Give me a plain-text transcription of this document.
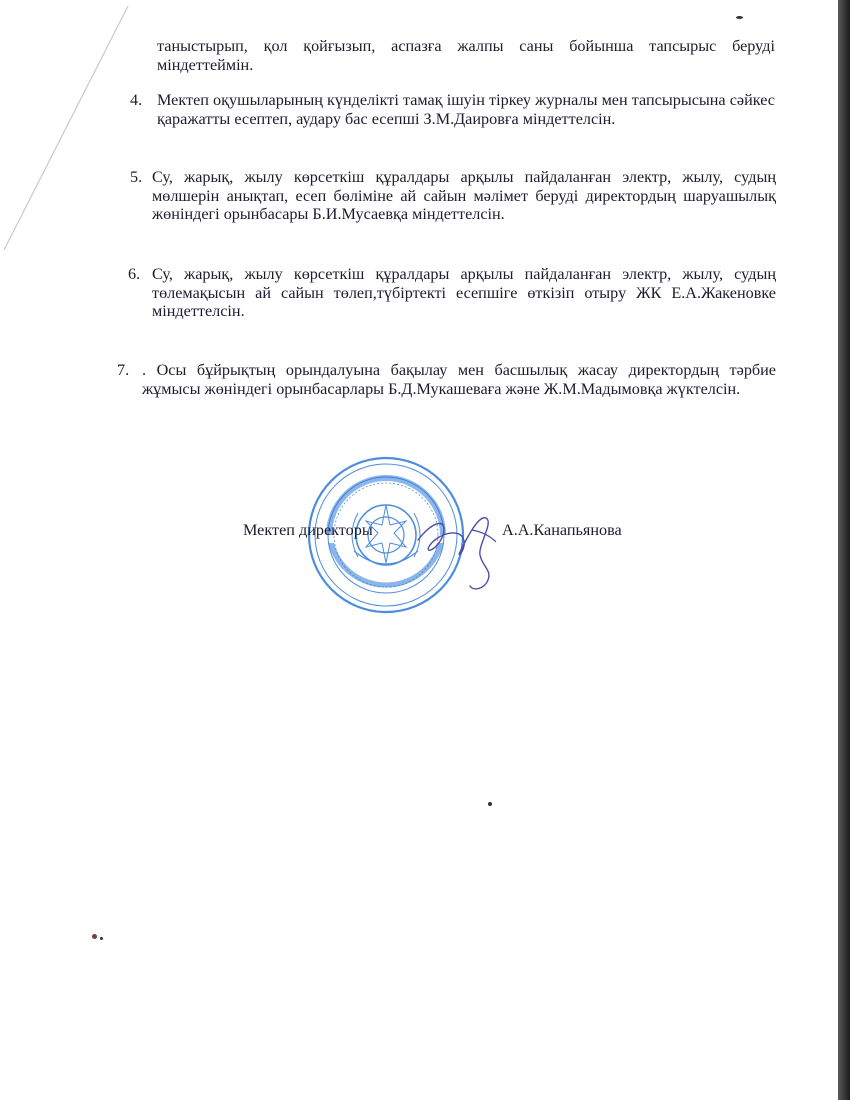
таныстырып, қол қойғызып, аспазға жалпы саны бойынша тапсырыс беруді міндеттеймін.
4. Мектеп оқушыларының күнделікті тамақ ішуін тіркеу журналы мен тапсырысына сәйкес қаражатты есептеп, аудару бас есепші З.М.Даировға міндеттелсін.
5. Су, жарық, жылу көрсеткіш құралдары арқылы пайдаланған электр, жылу, судың мөлшерін анықтап, есеп бөліміне ай сайын мәлімет беруді директордың шаруашылық жөніндегі орынбасары Б.И.Мусаевқа міндеттелсін.
6. Су, жарық, жылу көрсеткіш құралдары арқылы пайдаланған электр, жылу, судың төлемақысын ай сайын төлеп,түбіртекті есепшіге өткізіп отыру ЖК Е.А.Жакеновке міндеттелсін.
7. . Осы бұйрықтың орындалуына бақылау мен басшылық жасау директордың тәрбие жұмысы жөніндегі орынбасарлары Б.Д.Мукашеваға және Ж.М.Мадымовқа жүктелсін.
Мектеп директоры	А.А.Канапьянова
